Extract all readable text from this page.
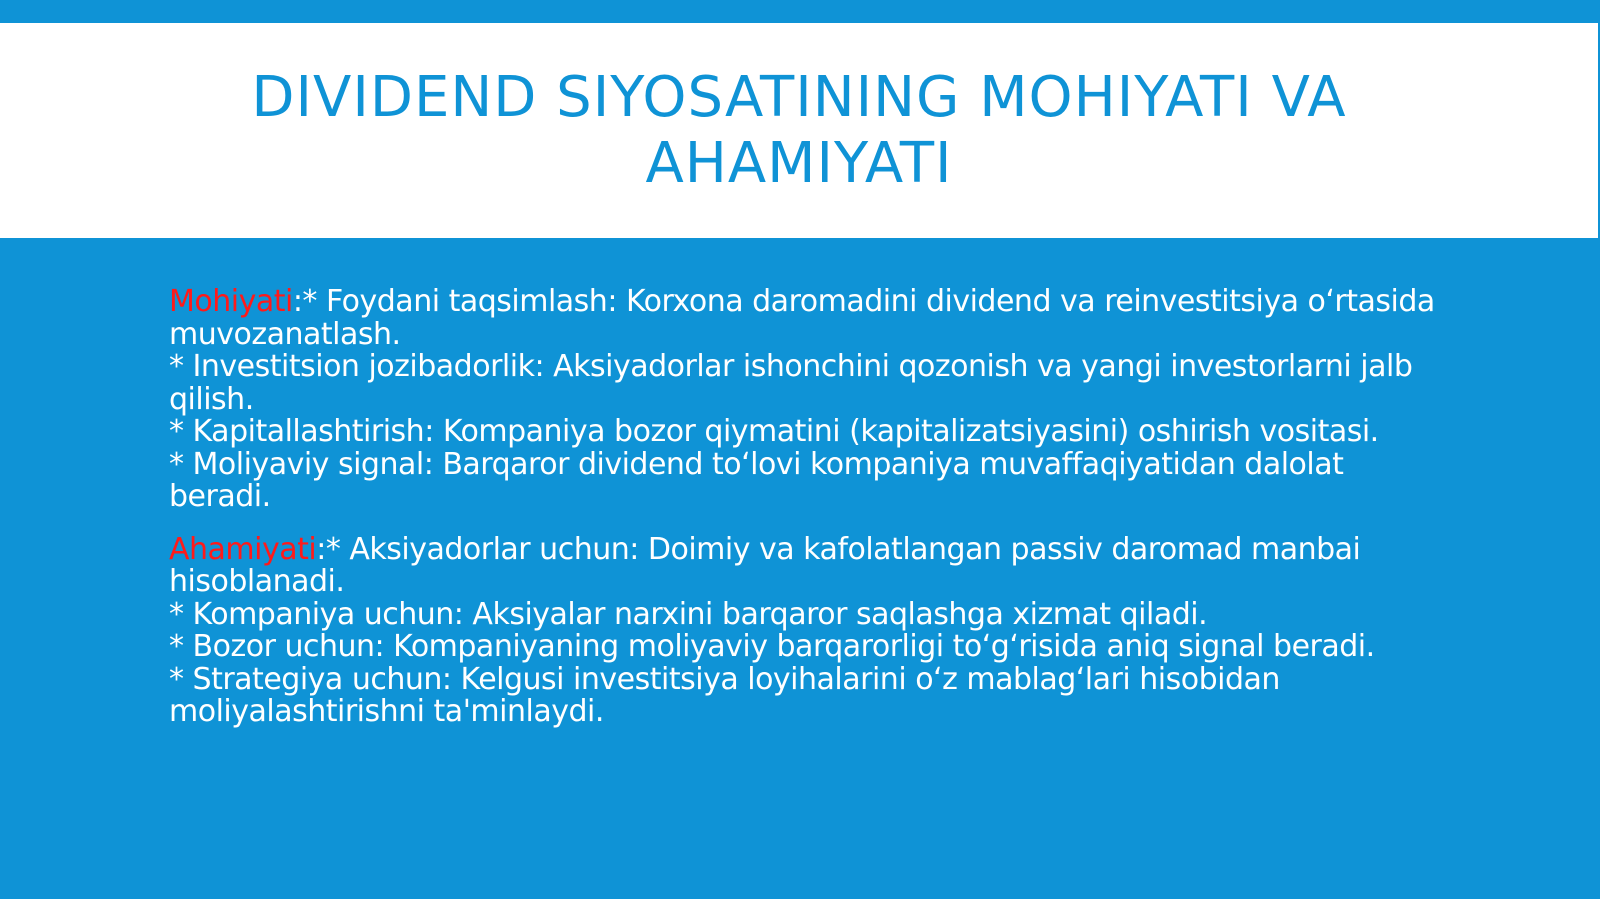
DIVIDEND SIYOSATINING MOHIYATI VA AHAMIYATI

Mohiyati:* Foydani taqsimlash: Korxona daromadini dividend va reinvestitsiya o‘rtasida muvozanatlash.

* Investitsion jozibadorlik: Aksiyadorlar ishonchini qozonish va yangi investorlarni jalb qilish.

* Kapitallashtirish: Kompaniya bozor qiymatini (kapitalizatsiyasini) oshirish vositasi.

* Moliyaviy signal: Barqaror dividend to‘lovi kompaniya muvaffaqiyatidan dalolat beradi.

Ahamiyati:* Aksiyadorlar uchun: Doimiy va kafolatlangan passiv daromad manbai hisoblanadi.

* Kompaniya uchun: Aksiyalar narxini barqaror saqlashga xizmat qiladi.

* Bozor uchun: Kompaniyaning moliyaviy barqarorligi to‘g‘risida aniq signal beradi.

* Strategiya uchun: Kelgusi investitsiya loyihalarini o‘z mablag‘lari hisobidan moliyalashtirishni ta'minlaydi.
